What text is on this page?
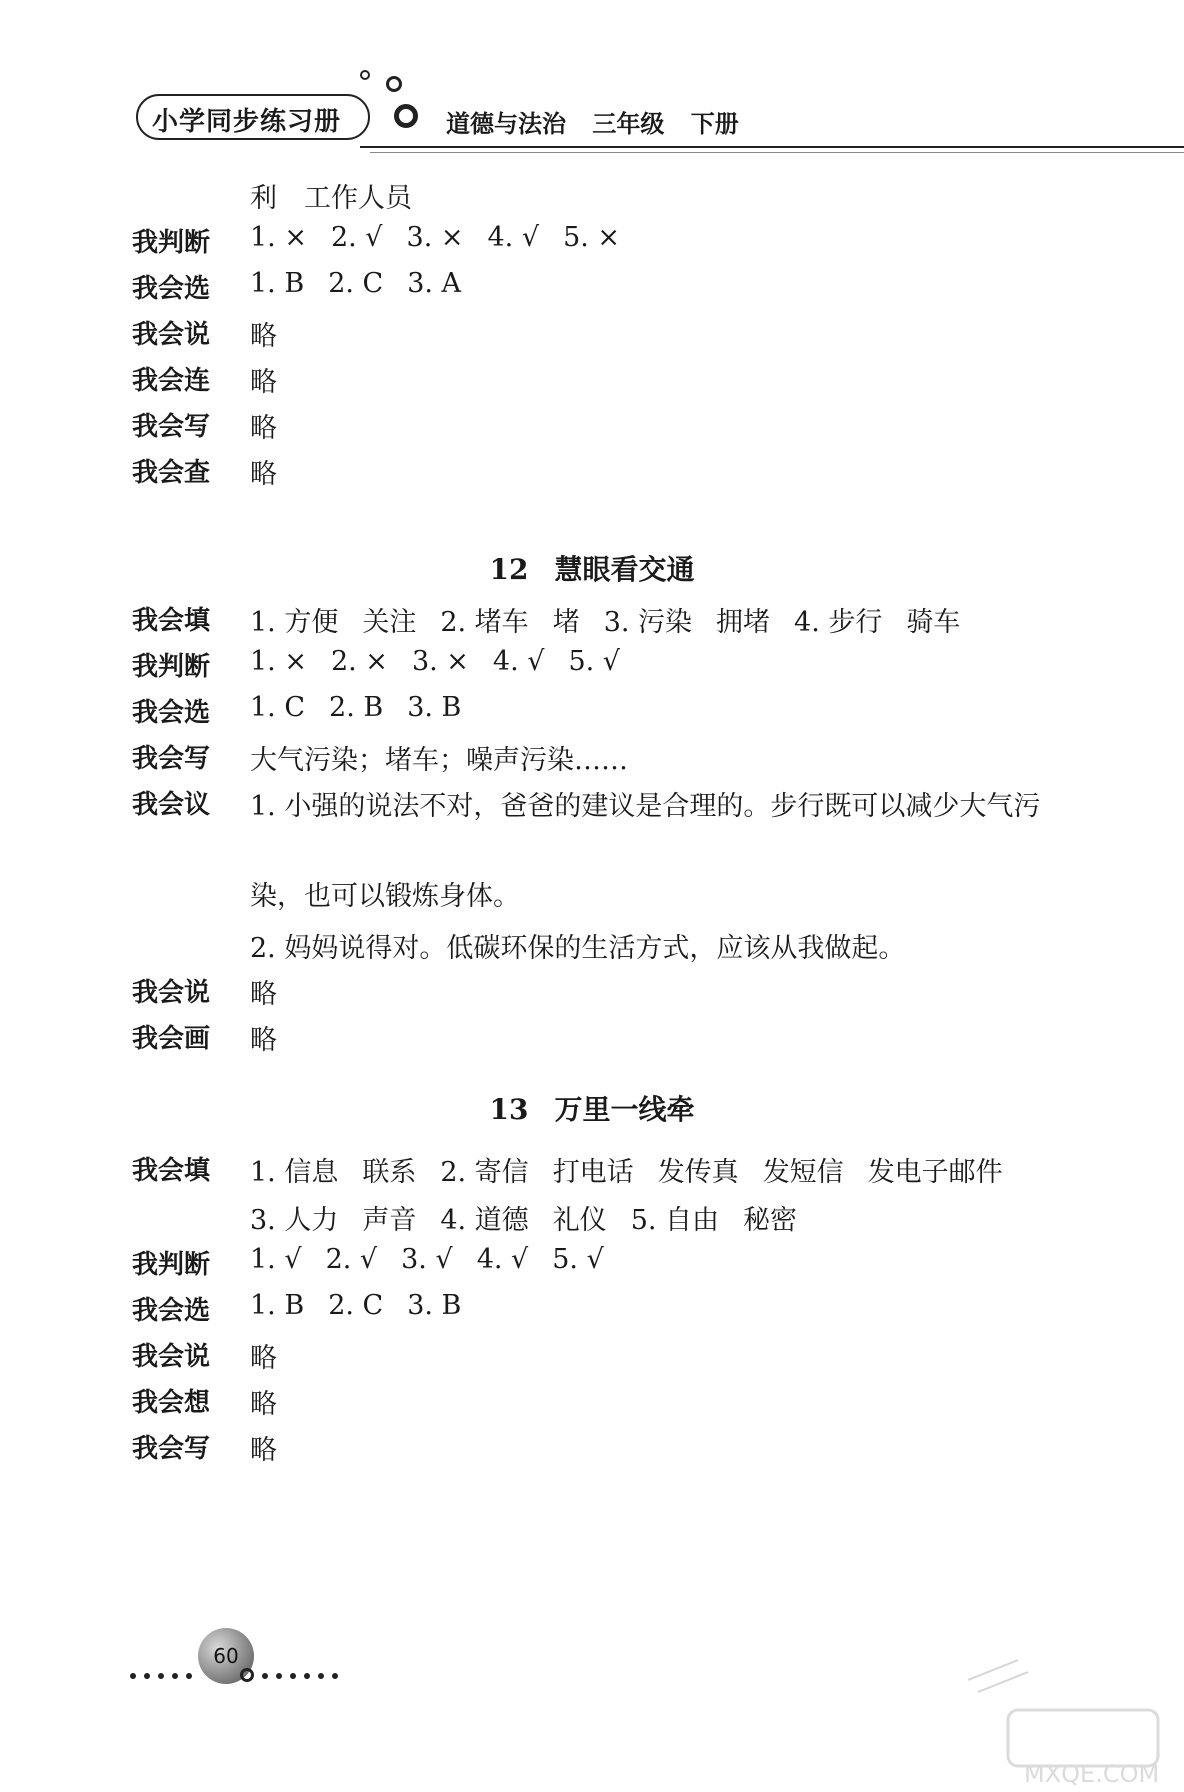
小学同步练习册	道德与法治 三年级 下册
利　工作人员
我判断	1. × 2. √ 3. × 4. √ 5. ×
我会选	1. B 2. C 3. A
我会说	略
我会连	略
我会写	略
我会查	略
12 慧眼看交通
我会填	1. 方便 关注 2. 堵车 堵 3. 污染 拥堵 4. 步行 骑车
我判断	1. × 2. × 3. × 4. √ 5. √
我会选	1. C 2. B 3. B
我会写	大气污染；堵车；噪声污染……
我会议	1. 小强的说法不对，爸爸的建议是合理的。步行既可以减少大气污
染，也可以锻炼身体。
2. 妈妈说得对。低碳环保的生活方式，应该从我做起。
我会说	略
我会画	略
13 万里一线牵
我会填	1. 信息 联系 2. 寄信 打电话 发传真 发短信 发电子邮件
3. 人力 声音 4. 道德 礼仪 5. 自由 秘密
我判断	1. √ 2. √ 3. √ 4. √ 5. √
我会选	1. B 2. C 3. B
我会说	略
我会想	略
我会写	略
60
MXQE.COM
